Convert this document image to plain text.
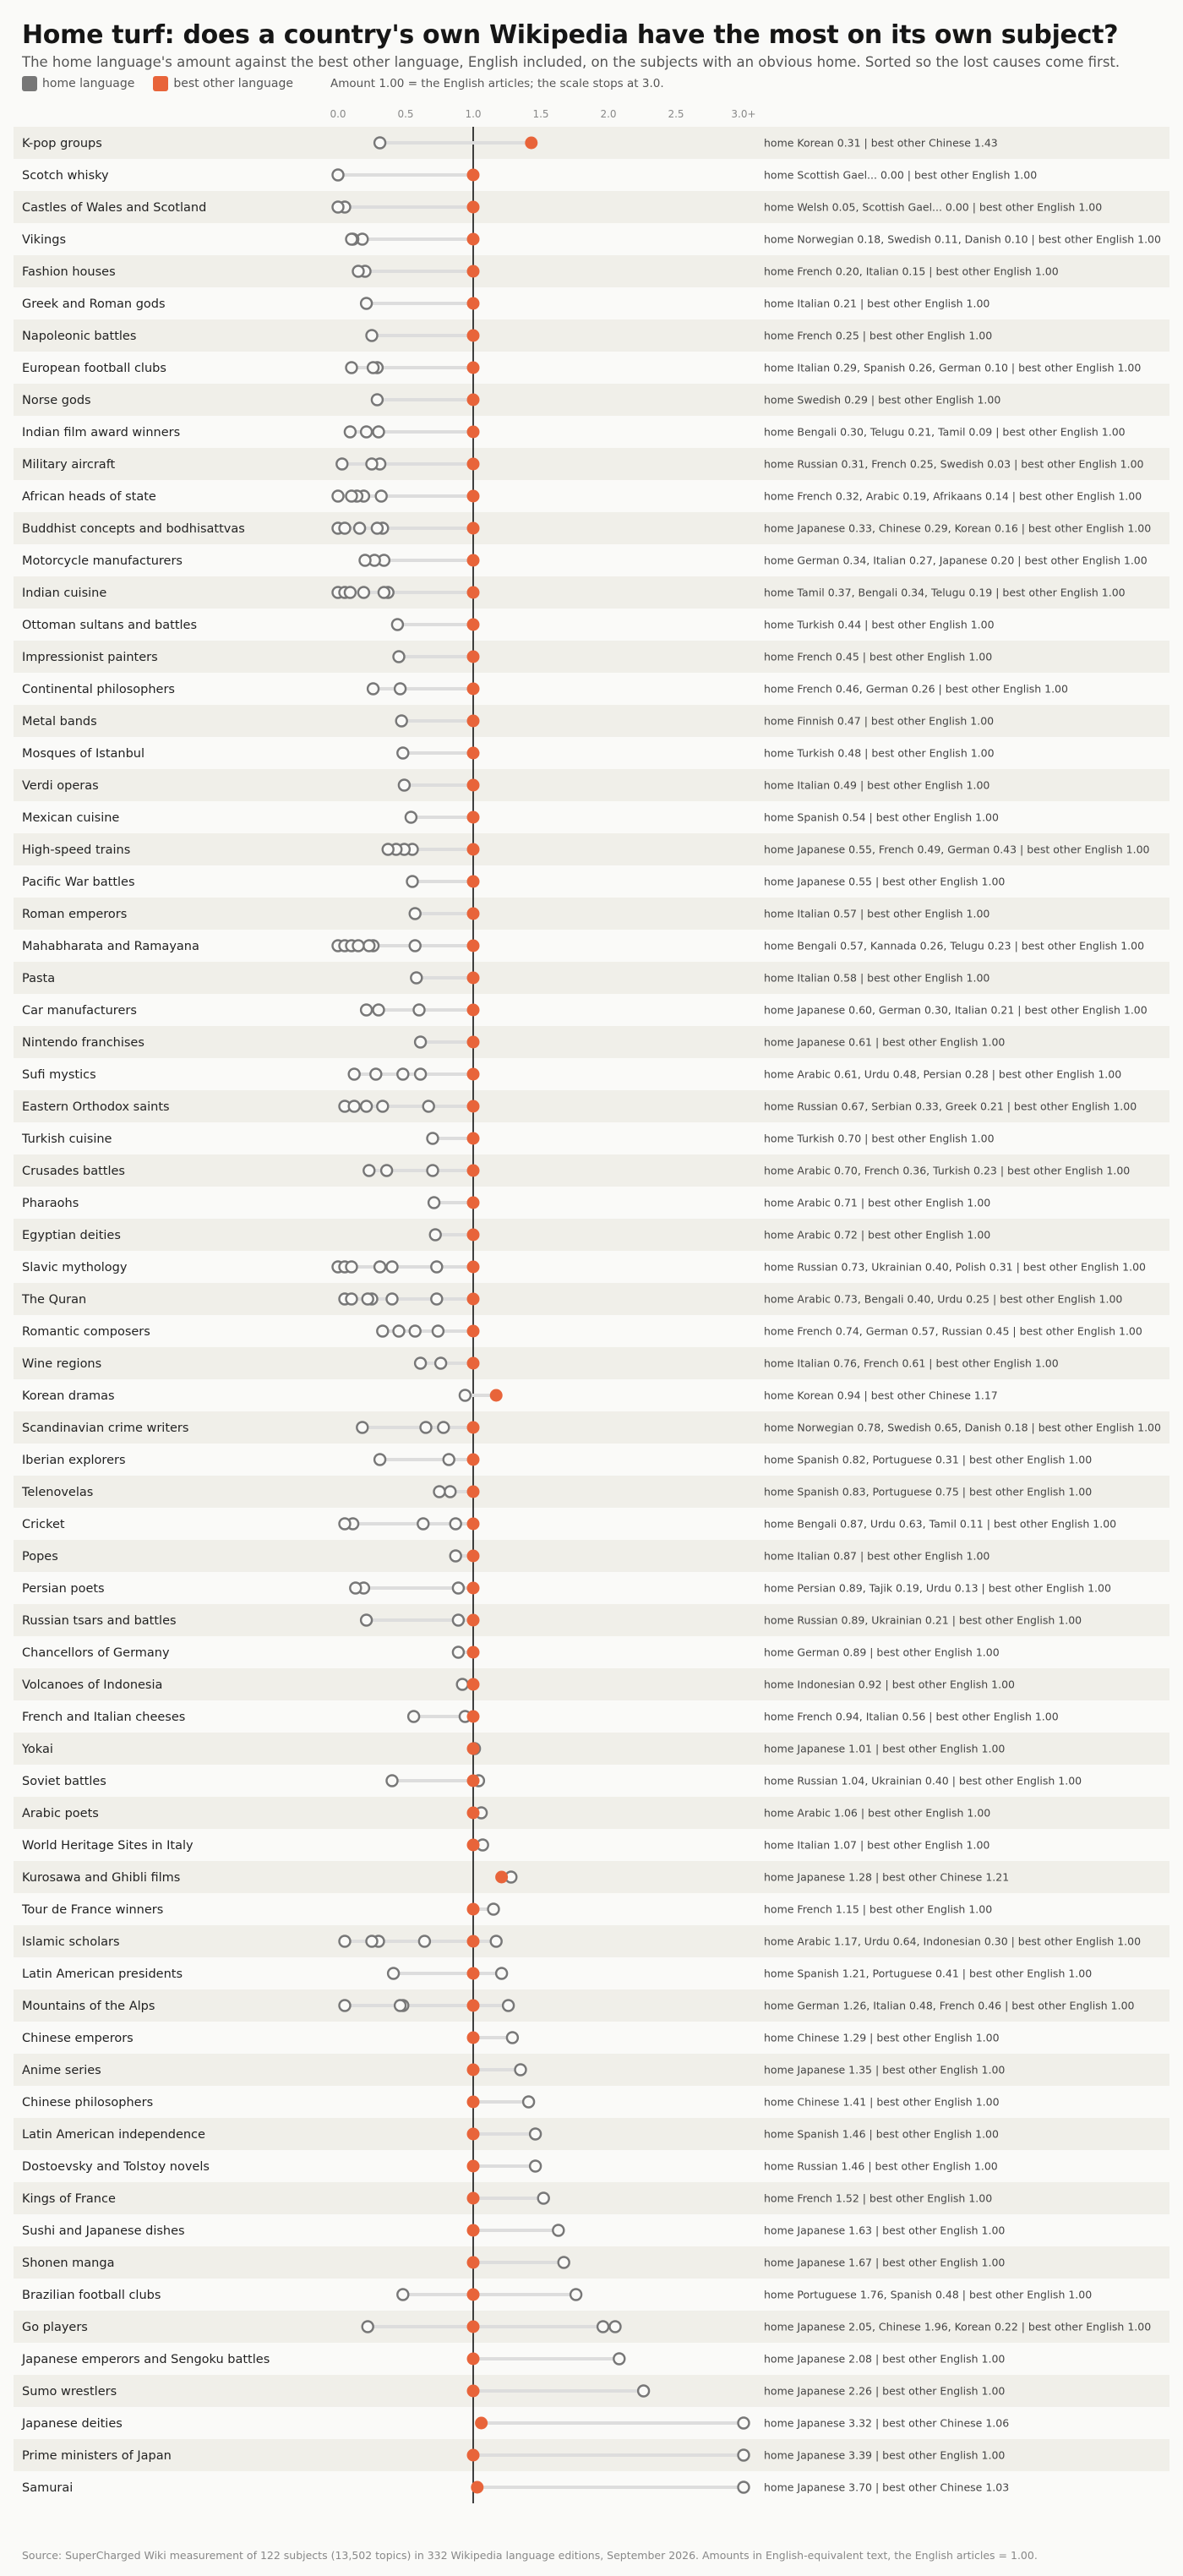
Home turf: does a country's own Wikipedia have the most on its own subject?
The home language's amount against the best other language, English included, on the subjects with an obvious home. Sorted so the lost causes come first.
home language	best other language	Amount 1.00 = the English articles; the scale stops at 3.0.
0.0	0.5	1.0	1.5	2.0	2.5	3.0+
K-pop groups	home Korean 0.31 | best other Chinese 1.43
Scotch whisky	home Scottish Gael... 0.00 | best other English 1.00
Castles of Wales and Scotland	home Welsh 0.05, Scottish Gael... 0.00 | best other English 1.00
Vikings	home Norwegian 0.18, Swedish 0.11, Danish 0.10 | best other English 1.00
Fashion houses	home French 0.20, Italian 0.15 | best other English 1.00
Greek and Roman gods	home Italian 0.21 | best other English 1.00
Napoleonic battles	home French 0.25 | best other English 1.00
European football clubs	home Italian 0.29, Spanish 0.26, German 0.10 | best other English 1.00
Norse gods	home Swedish 0.29 | best other English 1.00
Indian film award winners	home Bengali 0.30, Telugu 0.21, Tamil 0.09 | best other English 1.00
Military aircraft	home Russian 0.31, French 0.25, Swedish 0.03 | best other English 1.00
African heads of state	home French 0.32, Arabic 0.19, Afrikaans 0.14 | best other English 1.00
Buddhist concepts and bodhisattvas	home Japanese 0.33, Chinese 0.29, Korean 0.16 | best other English 1.00
Motorcycle manufacturers	home German 0.34, Italian 0.27, Japanese 0.20 | best other English 1.00
Indian cuisine	home Tamil 0.37, Bengali 0.34, Telugu 0.19 | best other English 1.00
Ottoman sultans and battles	home Turkish 0.44 | best other English 1.00
Impressionist painters	home French 0.45 | best other English 1.00
Continental philosophers	home French 0.46, German 0.26 | best other English 1.00
Metal bands	home Finnish 0.47 | best other English 1.00
Mosques of Istanbul	home Turkish 0.48 | best other English 1.00
Verdi operas	home Italian 0.49 | best other English 1.00
Mexican cuisine	home Spanish 0.54 | best other English 1.00
High-speed trains	home Japanese 0.55, French 0.49, German 0.43 | best other English 1.00
Pacific War battles	home Japanese 0.55 | best other English 1.00
Roman emperors	home Italian 0.57 | best other English 1.00
Mahabharata and Ramayana	home Bengali 0.57, Kannada 0.26, Telugu 0.23 | best other English 1.00
Pasta	home Italian 0.58 | best other English 1.00
Car manufacturers	home Japanese 0.60, German 0.30, Italian 0.21 | best other English 1.00
Nintendo franchises	home Japanese 0.61 | best other English 1.00
Sufi mystics	home Arabic 0.61, Urdu 0.48, Persian 0.28 | best other English 1.00
Eastern Orthodox saints	home Russian 0.67, Serbian 0.33, Greek 0.21 | best other English 1.00
Turkish cuisine	home Turkish 0.70 | best other English 1.00
Crusades battles	home Arabic 0.70, French 0.36, Turkish 0.23 | best other English 1.00
Pharaohs	home Arabic 0.71 | best other English 1.00
Egyptian deities	home Arabic 0.72 | best other English 1.00
Slavic mythology	home Russian 0.73, Ukrainian 0.40, Polish 0.31 | best other English 1.00
The Quran	home Arabic 0.73, Bengali 0.40, Urdu 0.25 | best other English 1.00
Romantic composers	home French 0.74, German 0.57, Russian 0.45 | best other English 1.00
Wine regions	home Italian 0.76, French 0.61 | best other English 1.00
Korean dramas	home Korean 0.94 | best other Chinese 1.17
Scandinavian crime writers	home Norwegian 0.78, Swedish 0.65, Danish 0.18 | best other English 1.00
Iberian explorers	home Spanish 0.82, Portuguese 0.31 | best other English 1.00
Telenovelas	home Spanish 0.83, Portuguese 0.75 | best other English 1.00
Cricket	home Bengali 0.87, Urdu 0.63, Tamil 0.11 | best other English 1.00
Popes	home Italian 0.87 | best other English 1.00
Persian poets	home Persian 0.89, Tajik 0.19, Urdu 0.13 | best other English 1.00
Russian tsars and battles	home Russian 0.89, Ukrainian 0.21 | best other English 1.00
Chancellors of Germany	home German 0.89 | best other English 1.00
Volcanoes of Indonesia	home Indonesian 0.92 | best other English 1.00
French and Italian cheeses	home French 0.94, Italian 0.56 | best other English 1.00
Yokai	home Japanese 1.01 | best other English 1.00
Soviet battles	home Russian 1.04, Ukrainian 0.40 | best other English 1.00
Arabic poets	home Arabic 1.06 | best other English 1.00
World Heritage Sites in Italy	home Italian 1.07 | best other English 1.00
Kurosawa and Ghibli films	home Japanese 1.28 | best other Chinese 1.21
Tour de France winners	home French 1.15 | best other English 1.00
Islamic scholars	home Arabic 1.17, Urdu 0.64, Indonesian 0.30 | best other English 1.00
Latin American presidents	home Spanish 1.21, Portuguese 0.41 | best other English 1.00
Mountains of the Alps	home German 1.26, Italian 0.48, French 0.46 | best other English 1.00
Chinese emperors	home Chinese 1.29 | best other English 1.00
Anime series	home Japanese 1.35 | best other English 1.00
Chinese philosophers	home Chinese 1.41 | best other English 1.00
Latin American independence	home Spanish 1.46 | best other English 1.00
Dostoevsky and Tolstoy novels	home Russian 1.46 | best other English 1.00
Kings of France	home French 1.52 | best other English 1.00
Sushi and Japanese dishes	home Japanese 1.63 | best other English 1.00
Shonen manga	home Japanese 1.67 | best other English 1.00
Brazilian football clubs	home Portuguese 1.76, Spanish 0.48 | best other English 1.00
Go players	home Japanese 2.05, Chinese 1.96, Korean 0.22 | best other English 1.00
Japanese emperors and Sengoku battles	home Japanese 2.08 | best other English 1.00
Sumo wrestlers	home Japanese 2.26 | best other English 1.00
Japanese deities	home Japanese 3.32 | best other Chinese 1.06
Prime ministers of Japan	home Japanese 3.39 | best other English 1.00
Samurai	home Japanese 3.70 | best other Chinese 1.03
Source: SuperCharged Wiki measurement of 122 subjects (13,502 topics) in 332 Wikipedia language editions, September 2026. Amounts in English-equivalent text, the English articles = 1.00.
